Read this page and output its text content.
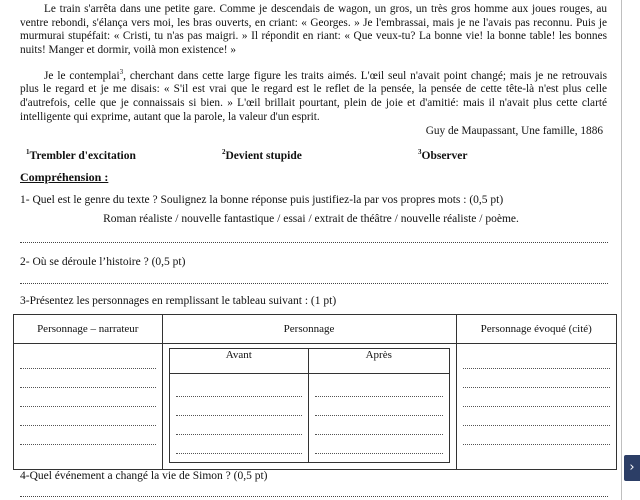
Le train s'arrêta dans une petite gare. Comme je descendais de wagon, un gros, un très gros homme aux joues rouges, au ventre rebondi, s'élança vers moi, les bras ouverts, en criant: « Georges. » Je l'embrassai, mais je ne l'avais pas reconnu. Puis je murmurai stupéfait: « Cristi, tu n'as pas maigri. » Il répondit en riant: « Que veux-tu? La bonne vie! la bonne table! les bonnes nuits! Manger et dormir, voilà mon existence! »

Je le contemplai$^3$, cherchant dans cette large figure les traits aimés. L'œil seul n'avait point changé; mais je ne retrouvais plus le regard et je me disais: « S'il est vrai que le regard est le reflet de la pensée, la pensée de cette tête-là n'est plus celle d'autrefois, celle que je connaissais si bien. » L'œil brillait pourtant, plein de joie et d'amitié: mais il n'avait plus cette clarté intelligente qui exprime, autant que la parole, la valeur d'un esprit.

Guy de Maupassant, Une famille, 1886
$^1$Trembler d'excitation	$^2$Devient stupide	$^3$Observer
Compréhension :
1- Quel est le genre du texte ? Soulignez la bonne réponse puis justifiez-la par vos propres mots : (0,5 pt)
Roman réaliste / nouvelle fantastique / essai / extrait de théâtre / nouvelle réaliste / poème.
2- Où se déroule l’histoire ? (0,5 pt)
3-Présentez les personnages en remplissant le tableau suivant : (1 pt)
Personnage – narrateur	Personnage	Personnage évoqué (cité)

Avant	Après

4-Quel événement a changé la vie de Simon ? (0,5 pt)
›
